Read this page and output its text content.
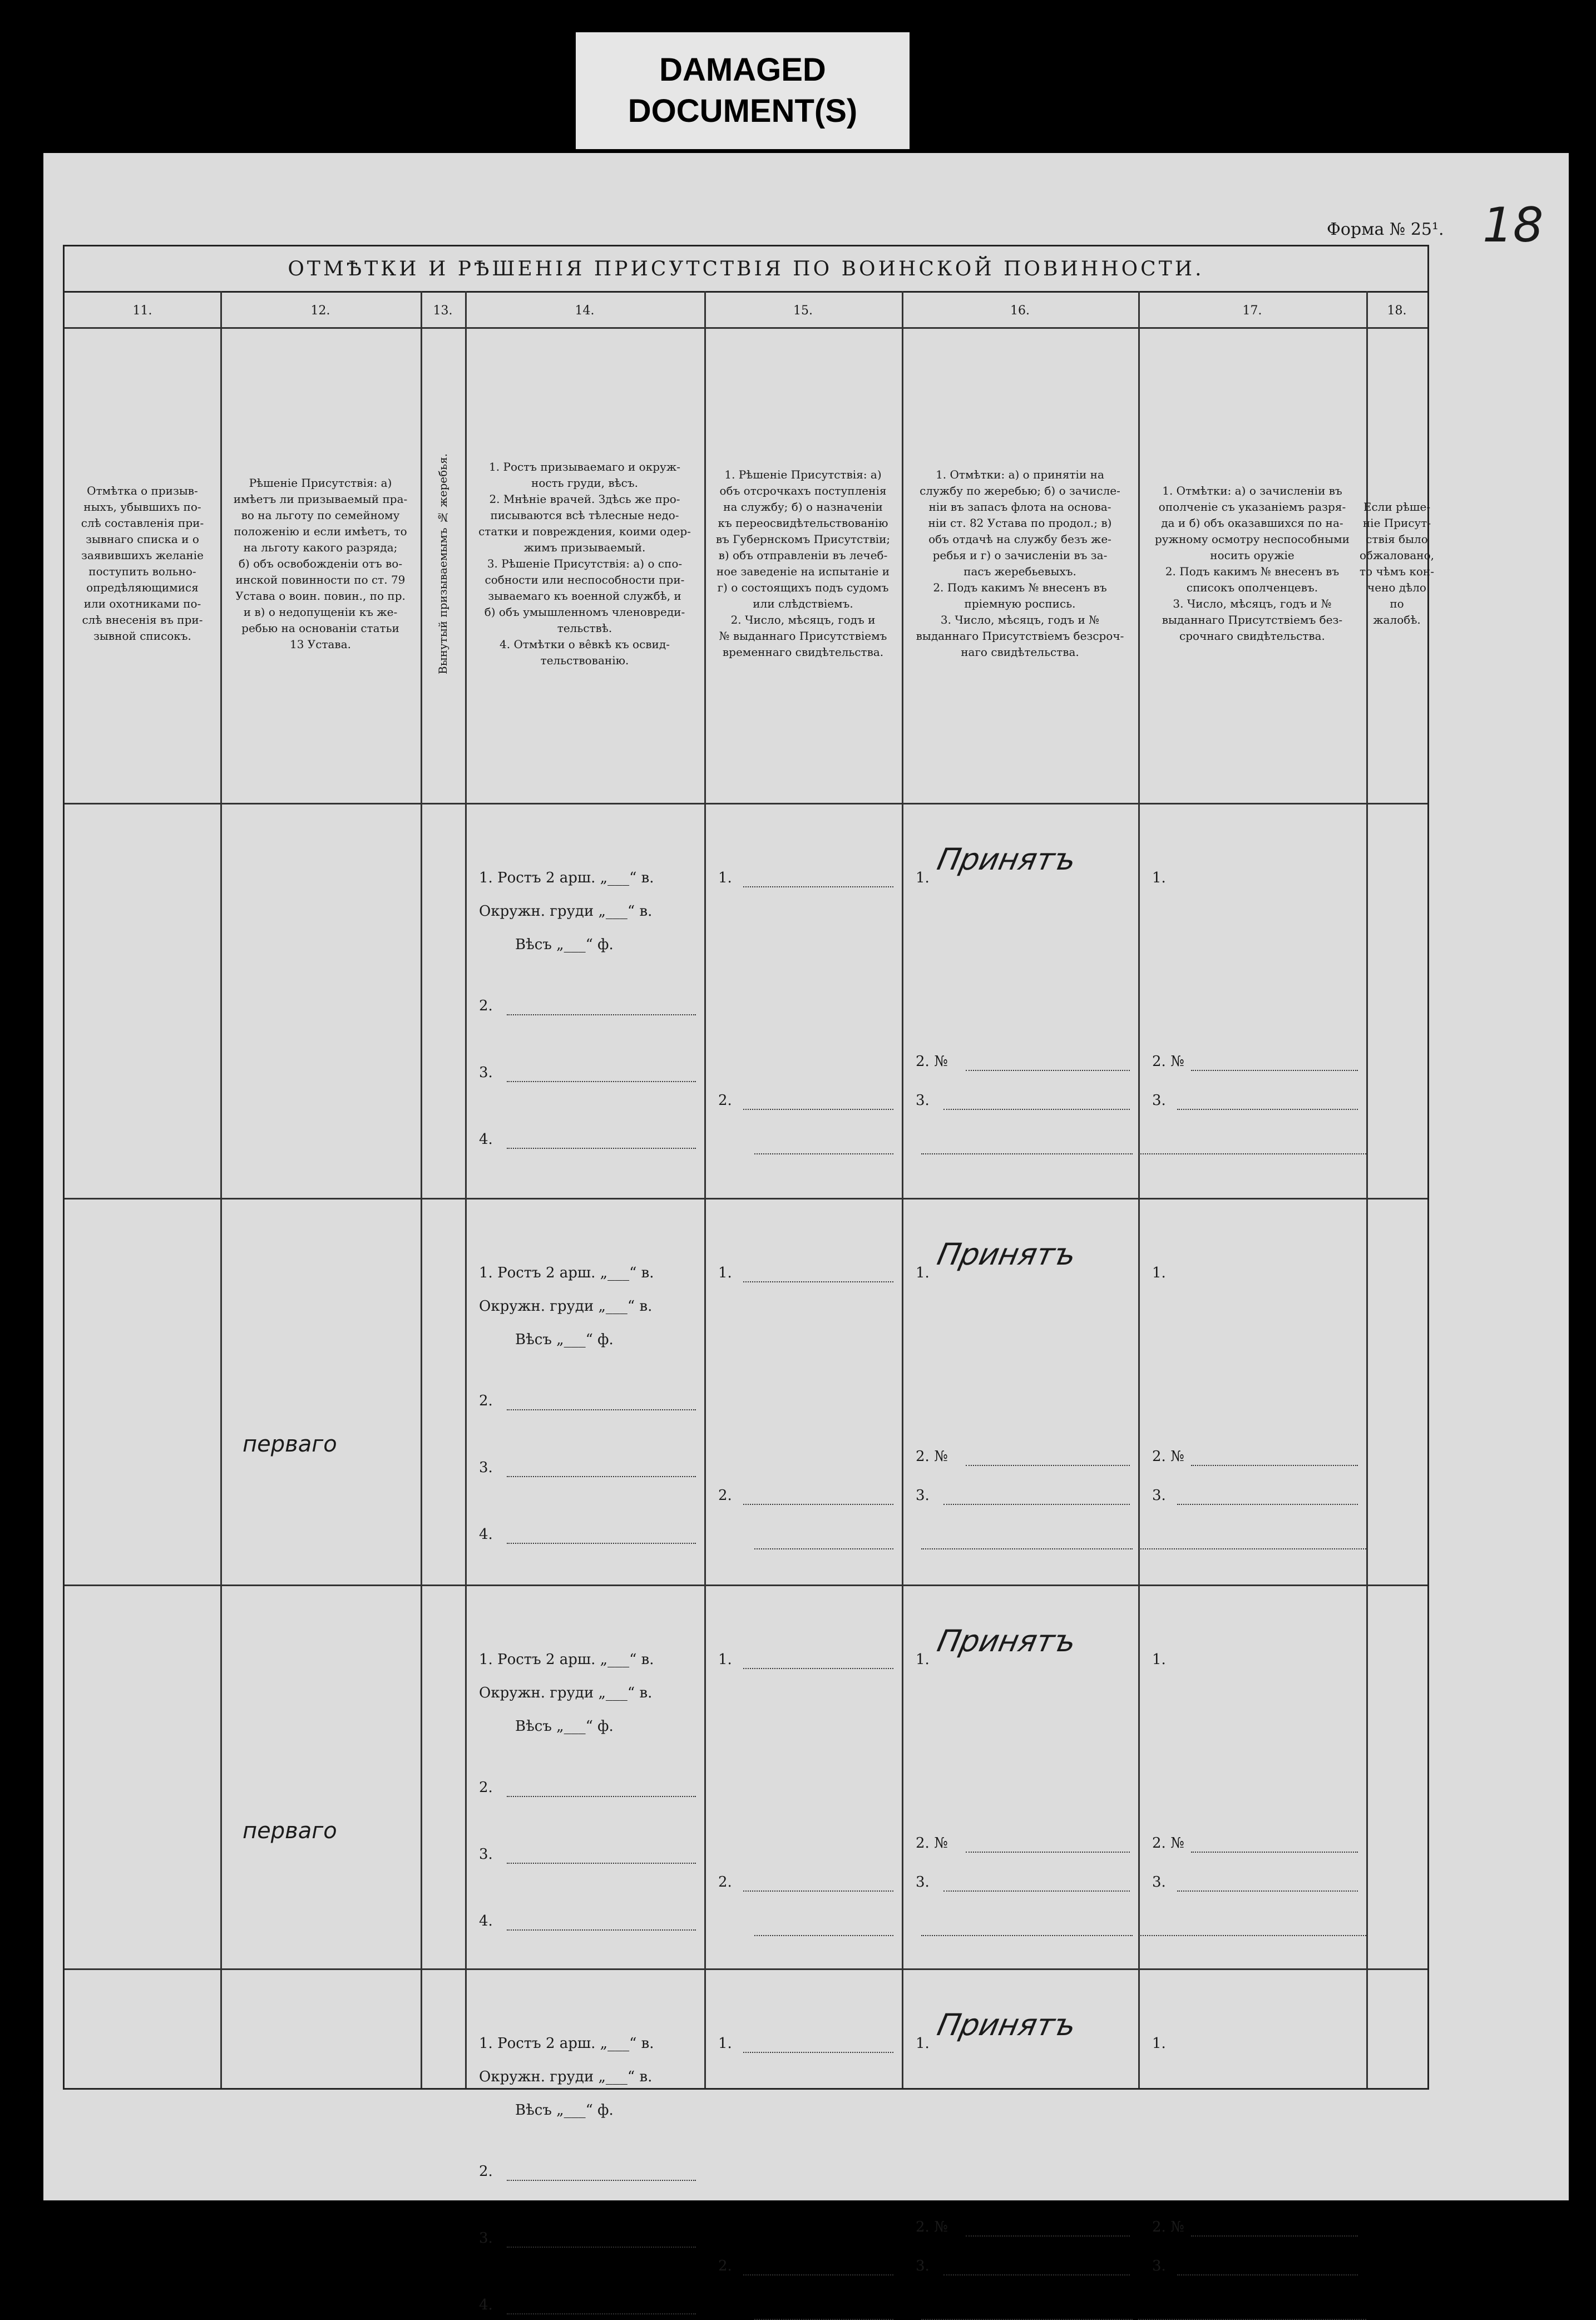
DAMAGED
DOCUMENT(S)
Форма № 25¹. 18
ОТМѢТКИ И РѢШЕНІЯ ПРИСУТСТВІЯ ПО ВОИНСКОЙ ПОВИННОСТИ.
11.
Отмѣтка о призыв-
ныхъ, убывшихъ по-
слѣ составленія при-
зывнаго списка и о
заявившихъ желаніе
поступить вольно-
опредѣляющимися
или охотниками по-
слѣ внесенія въ при-
зывной списокъ.
12.
Рѣшеніе Присутствія: а)
имѣетъ ли призываемый пра-
во на льготу по семейному
положенію и если имѣетъ, то
на льготу какого разряда;
б) объ освобожденіи отъ во-
инской повинности по ст. 79
Устава о воин. повин., по пр.
и в) о недопущеніи къ же-
ребью на основаніи статьи
13 Устава.
13.
Вынутый призываемымъ № жеребья.
14.
1. Ростъ призываемаго и окруж-
ность груди, вѣсъ.
2. Мнѣніе врачей. Здѣсь же про-
писываются всѣ тѣлесные недо-
статки и повреждения, коими одер-
жимъ призываемый.
3. Рѣшеніе Присутствія: а) о спо-
собности или неспособности при-
зываемаго къ военной службѣ, и
б) объ умышленномъ членовреди-
тельствѣ.
4. Отмѣтки о ве̂вкѣ къ освид-
тельствованію.
15.
1. Рѣшеніе Присутствія: а)
объ отсрочкахъ поступленія
на службу; б) о назначеніи
къ переосвидѣтельствованію
въ Губернскомъ Присутствіи;
в) объ отправленіи въ лечеб-
ное заведеніе на испытаніе и
г) о состоящихъ подъ судомъ
или слѣдствіемъ.
2. Число, мѣсяцъ, годъ и
№ выданнаго Присутствіемъ
временнаго свидѣтельства.
16.
1. Отмѣтки: а) о принятіи на
службу по жеребью; б) о зачисле-
ніи въ запасъ флота на основа-
ніи ст. 82 Устава по продол.; в)
объ отдачѣ на службу безъ же-
ребья и г) о зачисленіи въ за-
пасъ жеребьевыхъ.
2. Подъ какимъ № внесенъ въ
пріемную роспись.
3. Число, мѣсяцъ, годъ и №
выданнаго Присутствіемъ безсроч-
наго свидѣтельства.
17.
1. Отмѣтки: а) о зачисленіи въ
ополченіе съ указаніемъ разря-
да и б) объ оказавшихся по на-
ружному осмотру неспособными
носить оружіе
2. Подъ какимъ № внесенъ въ
списокъ ополченцевъ.
3. Число, мѣсяцъ, годъ и №
выданнаго Присутствіемъ без-
срочнаго свидѣтельства.
18.
Если рѣше-
ніе Присут-
ствія было
обжаловано,
то чѣмъ кон-
чено дѣло по
жалобѣ.
1. Ростъ 2 арш. „___“ в.
Окружн. груди „___“ в.
Вѣсъ „___“ ф.
2.
3.
4.
1.
2.
1.
Принятъ
2. №
3.
1.
2. №
3.
перваго
1. Ростъ 2 арш. „___“ в.
Окружн. груди „___“ в.
Вѣсъ „___“ ф.
2.
3.
4.
1.
2.
1.
Принятъ
2. №
3.
1.
2. №
3.
перваго
1. Ростъ 2 арш. „___“ в.
Окружн. груди „___“ в.
Вѣсъ „___“ ф.
2.
3.
4.
1.
2.
1.
Принятъ
2. №
3.
1.
2. №
3.
1. Ростъ 2 арш. „___“ в.
Окружн. груди „___“ в.
Вѣсъ „___“ ф.
2.
3.
4.
1.
2.
1.
Принятъ
2. №
3.
1.
2. №
3.
